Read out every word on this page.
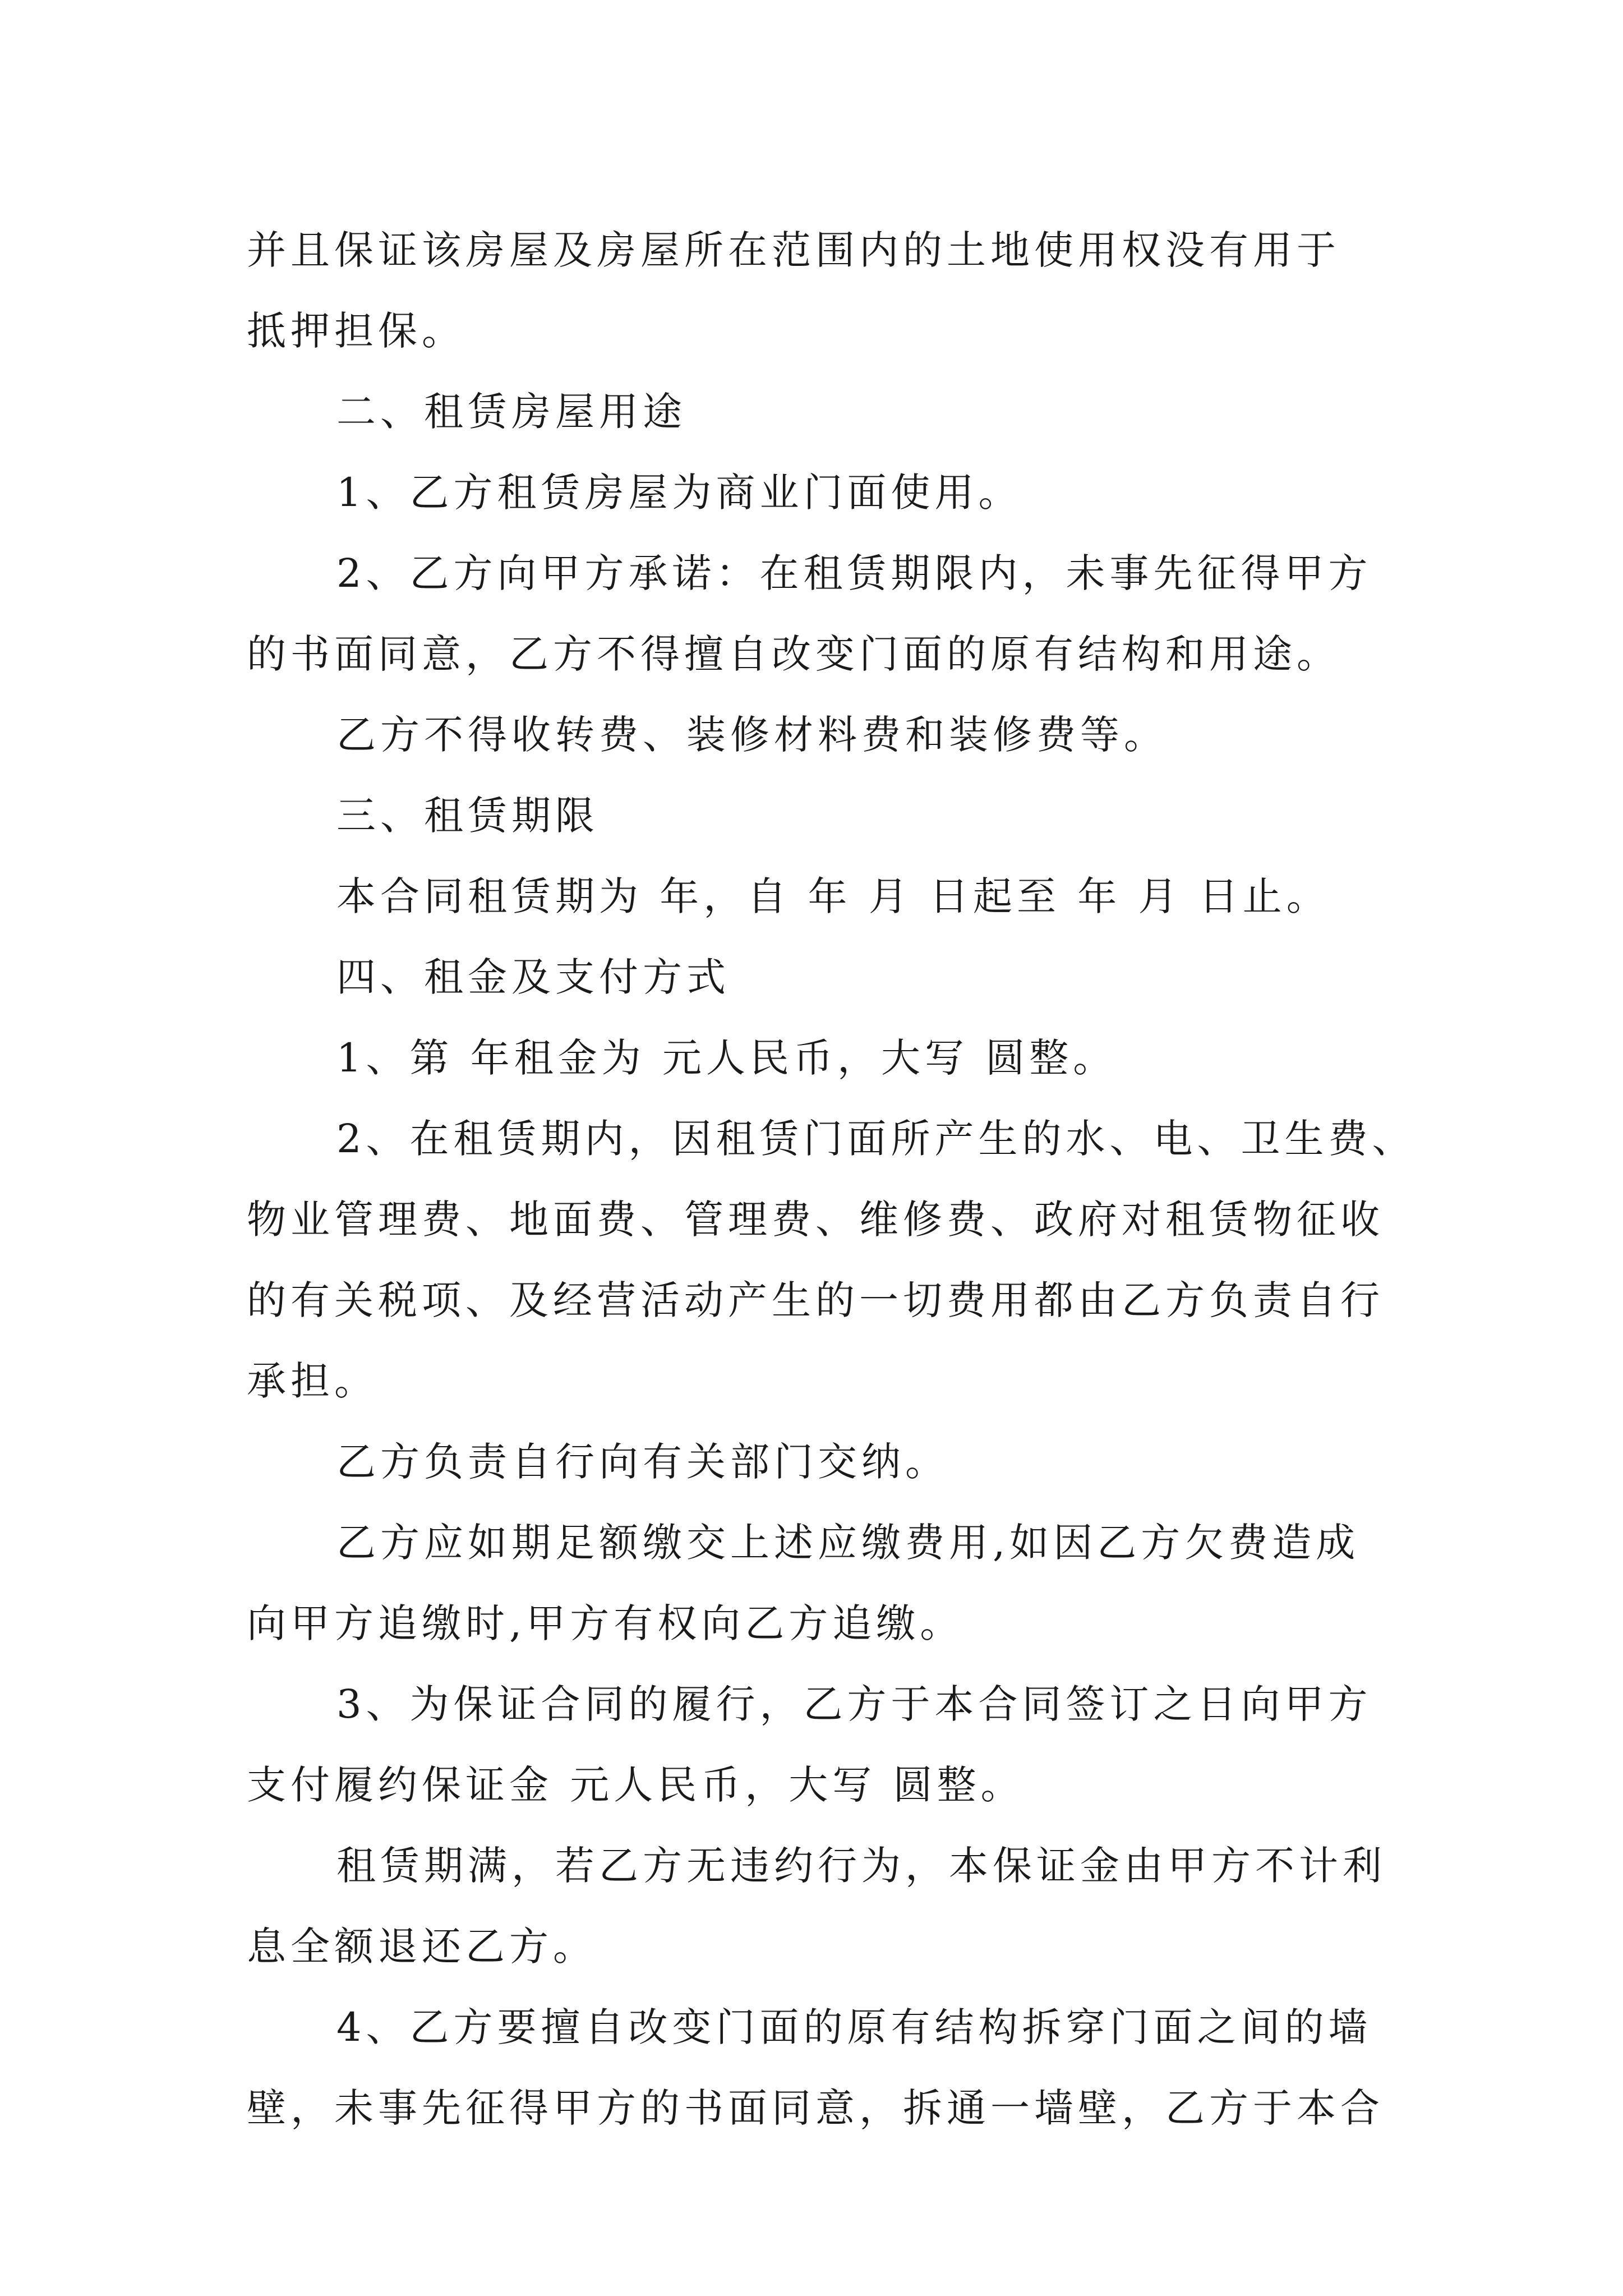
并且保证该房屋及房屋所在范围内的土地使用权没有用于
抵押担保。
二、租赁房屋用途
1、乙方租赁房屋为商业门面使用。
2、乙方向甲方承诺：在租赁期限内，未事先征得甲方
的书面同意，乙方不得擅自改变门面的原有结构和用途。
乙方不得收转费、装修材料费和装修费等。
三、租赁期限
本合同租赁期为 年，自 年 月 日起至 年 月 日止。
四、租金及支付方式
1、第 年租金为 元人民币，大写 圆整。
2、在租赁期内，因租赁门面所产生的水、电、卫生费、
物业管理费、地面费、管理费、维修费、政府对租赁物征收
的有关税项、及经营活动产生的一切费用都由乙方负责自行
承担。
乙方负责自行向有关部门交纳。
乙方应如期足额缴交上述应缴费用,如因乙方欠费造成
向甲方追缴时,甲方有权向乙方追缴。
3、为保证合同的履行，乙方于本合同签订之日向甲方
支付履约保证金 元人民币，大写 圆整。
租赁期满，若乙方无违约行为，本保证金由甲方不计利
息全额退还乙方。
4、乙方要擅自改变门面的原有结构拆穿门面之间的墙
壁，未事先征得甲方的书面同意，拆通一墙壁，乙方于本合
